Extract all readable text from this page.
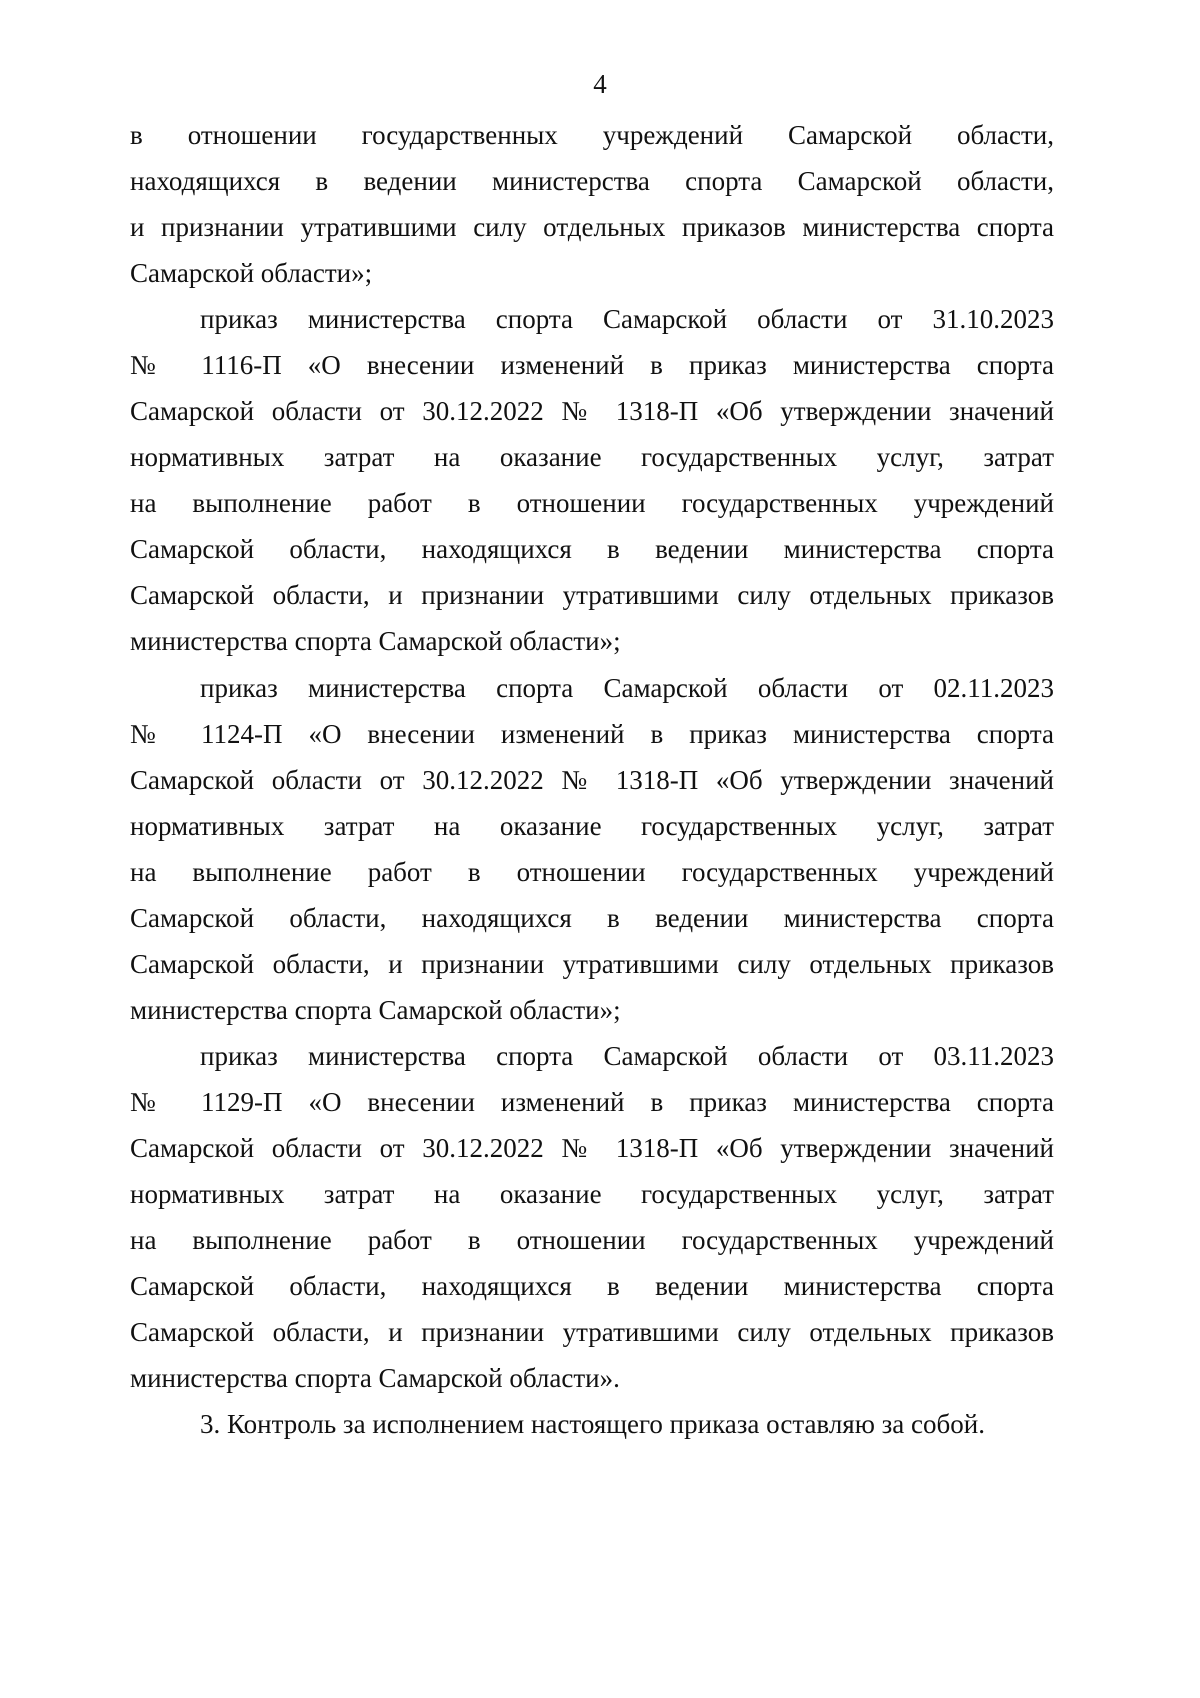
4
в отношении государственных учреждений Самарской области,
находящихся в ведении министерства спорта Самарской области,
и признании утратившими силу отдельных приказов министерства спорта
Самарской области»;
приказ министерства спорта Самарской области от 31.10.2023
№ 1116-П «О внесении изменений в приказ министерства спорта
Самарской области от 30.12.2022 № 1318-П «Об утверждении значений
нормативных затрат на оказание государственных услуг, затрат
на выполнение работ в отношении государственных учреждений
Самарской области, находящихся в ведении министерства спорта
Самарской области, и признании утратившими силу отдельных приказов
министерства спорта Самарской области»;
приказ министерства спорта Самарской области от 02.11.2023
№ 1124-П «О внесении изменений в приказ министерства спорта
Самарской области от 30.12.2022 № 1318-П «Об утверждении значений
нормативных затрат на оказание государственных услуг, затрат
на выполнение работ в отношении государственных учреждений
Самарской области, находящихся в ведении министерства спорта
Самарской области, и признании утратившими силу отдельных приказов
министерства спорта Самарской области»;
приказ министерства спорта Самарской области от 03.11.2023
№ 1129-П «О внесении изменений в приказ министерства спорта
Самарской области от 30.12.2022 № 1318-П «Об утверждении значений
нормативных затрат на оказание государственных услуг, затрат
на выполнение работ в отношении государственных учреждений
Самарской области, находящихся в ведении министерства спорта
Самарской области, и признании утратившими силу отдельных приказов
министерства спорта Самарской области».
3. Контроль за исполнением настоящего приказа оставляю за собой.
